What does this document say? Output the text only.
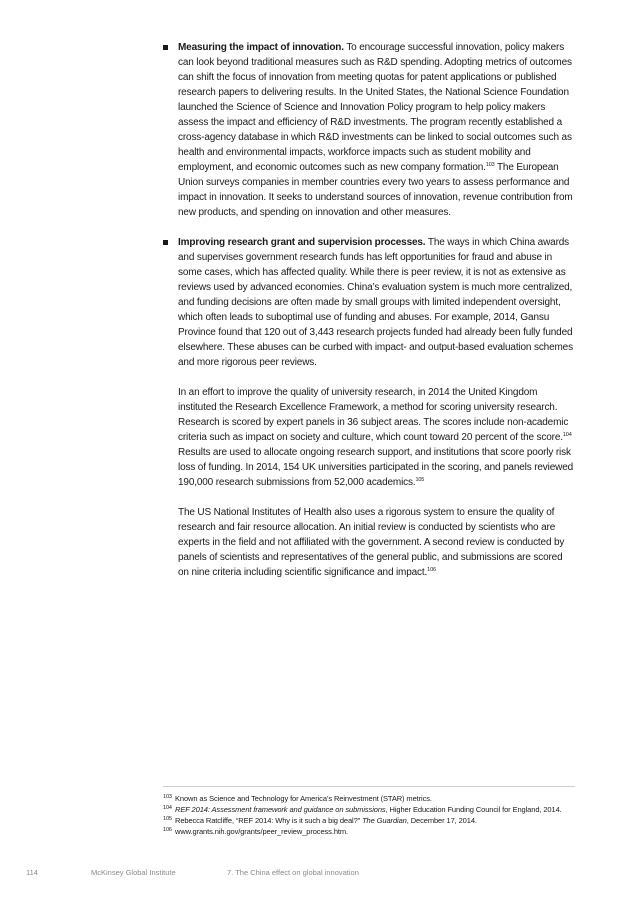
Measuring the impact of innovation. To encourage successful innovation, policy makers can look beyond traditional measures such as R&D spending. Adopting metrics of outcomes can shift the focus of innovation from meeting quotas for patent applications or published research papers to delivering results. In the United States, the National Science Foundation launched the Science of Science and Innovation Policy program to help policy makers assess the impact and efficiency of R&D investments. The program recently established a cross-agency database in which R&D investments can be linked to social outcomes such as health and environmental impacts, workforce impacts such as student mobility and employment, and economic outcomes such as new company formation.$^{103}$ The European Union surveys companies in member countries every two years to assess performance and impact in innovation. It seeks to understand sources of innovation, revenue contribution from new products, and spending on innovation and other measures.

Improving research grant and supervision processes. The ways in which China awards and supervises government research funds has left opportunities for fraud and abuse in some cases, which has affected quality. While there is peer review, it is not as extensive as reviews used by advanced economies. China’s evaluation system is much more centralized, and funding decisions are often made by small groups with limited independent oversight, which often leads to suboptimal use of funding and abuses. For example, 2014, Gansu Province found that 120 out of 3,443 research projects funded had already been fully funded elsewhere. These abuses can be curbed with impact- and output-based evaluation schemes and more rigorous peer reviews.

In an effort to improve the quality of university research, in 2014 the United Kingdom instituted the Research Excellence Framework, a method for scoring university research. Research is scored by expert panels in 36 subject areas. The scores include non-academic criteria such as impact on society and culture, which count toward 20 percent of the score.$^{104}$ Results are used to allocate ongoing research support, and institutions that score poorly risk loss of funding. In 2014, 154 UK universities participated in the scoring, and panels reviewed 190,000 research submissions from 52,000 academics.$^{105}$

The US National Institutes of Health also uses a rigorous system to ensure the quality of research and fair resource allocation. An initial review is conducted by scientists who are experts in the field and not affiliated with the government. A second review is conducted by panels of scientists and representatives of the general public, and submissions are scored on nine criteria including scientific significance and impact.$^{106}$

103 Known as Science and Technology for America’s Reinvestment (STAR) metrics.
104 REF 2014: Assessment framework and guidance on submissions, Higher Education Funding Council for England, 2014.
105 Rebecca Ratcliffe, “REF 2014: Why is it such a big deal?” The Guardian, December 17, 2014.
106 www.grants.nih.gov/grants/peer_review_process.htm.
114	McKinsey Global Institute	7. The China effect on global innovation
